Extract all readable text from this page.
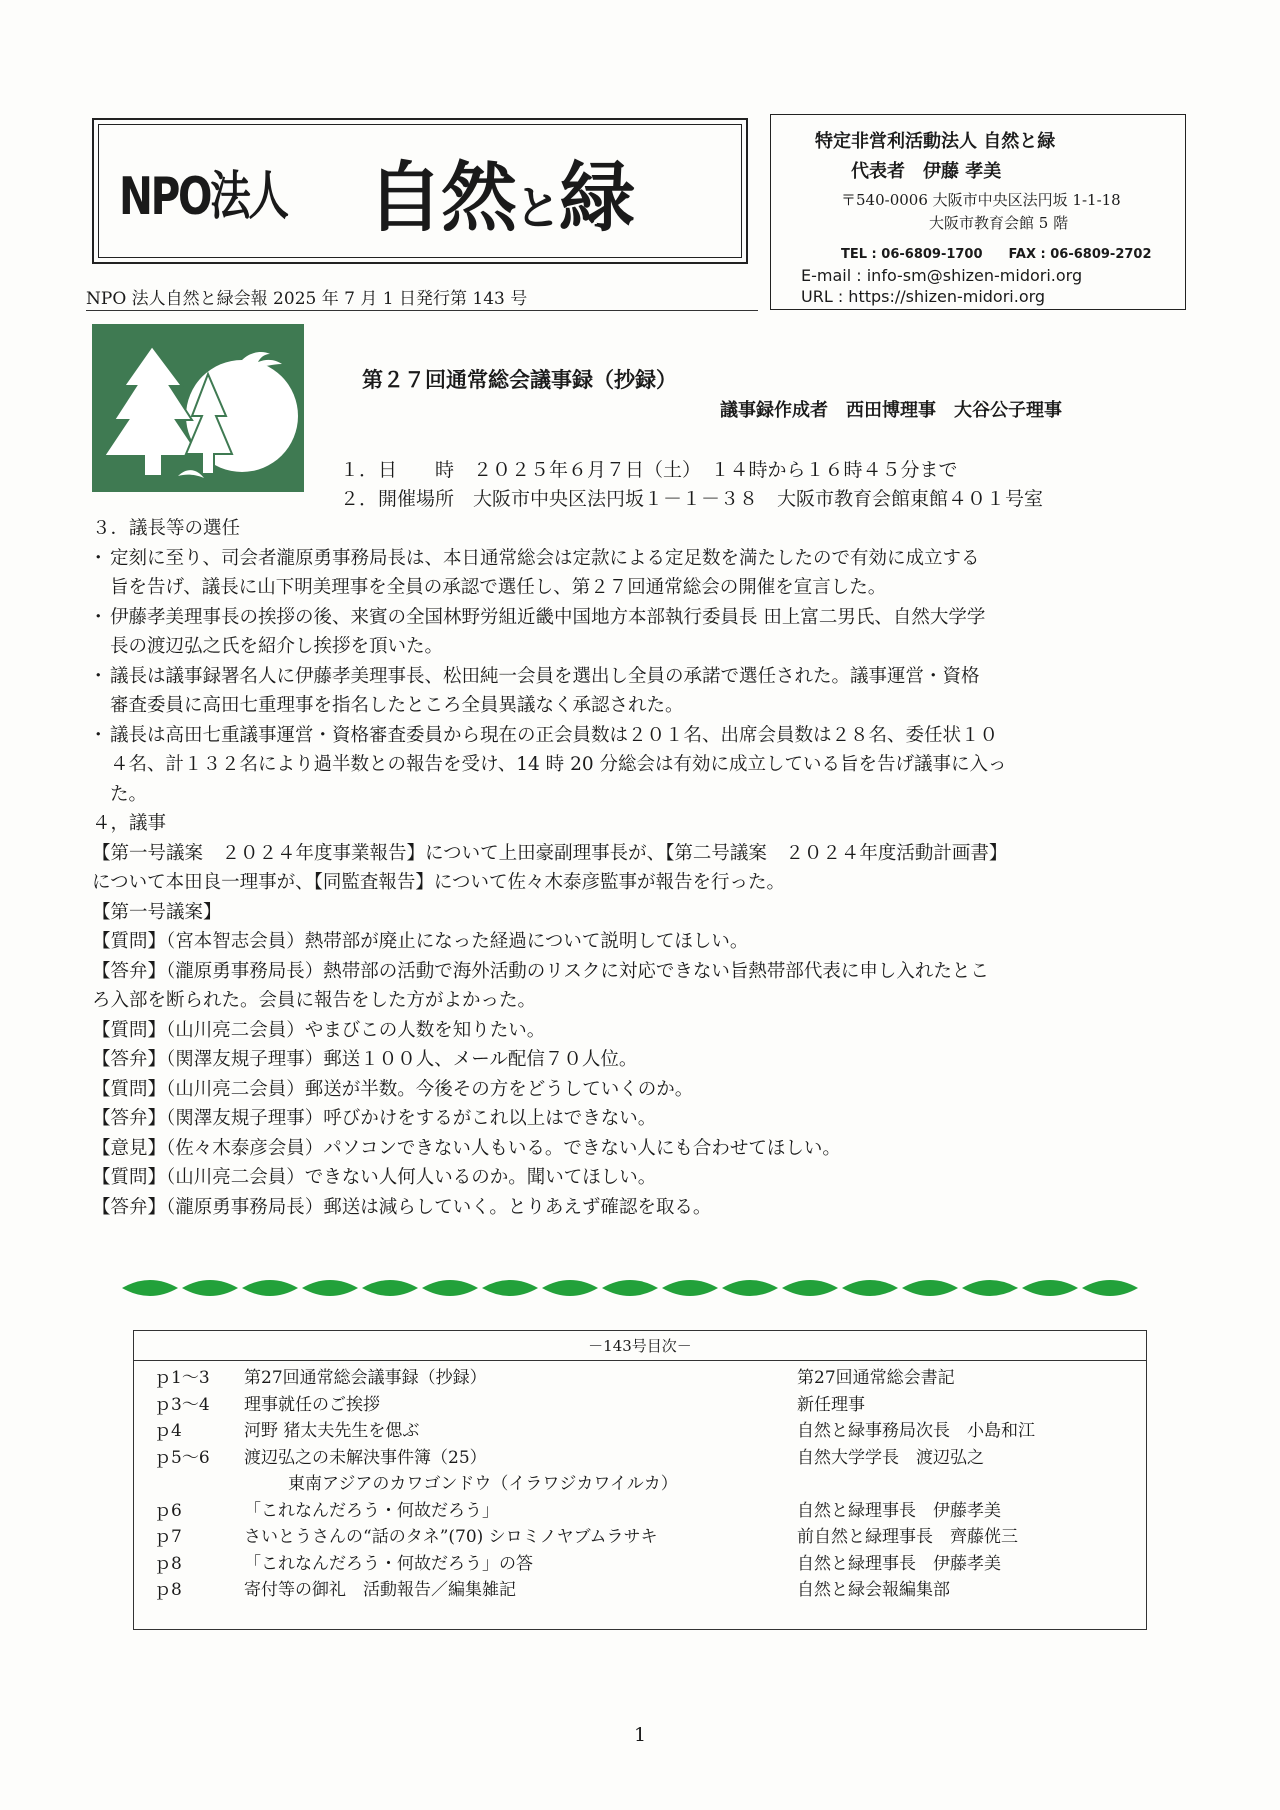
NPO法人	自然と緑
NPO 法人自然と緑会報 2025 年 7 月 1 日発行第 143 号
特定非営利活動法人 自然と緑
代表者　伊藤 孝美
〒540-0006 大阪市中央区法円坂 1-1-18
大阪市教育会館 5 階
TEL : 06-6809-1700　　FAX : 06-6809-2702
E-mail : info-sm@shizen-midori.org
URL : https://shizen-midori.org
第２７回通常総会議事録（抄録）
議事録作成者　西田博理事　大谷公子理事
１．日　　時　２０２５年６月７日（土）　１４時から１６時４５分まで
２．開催場所　大阪市中央区法円坂１－１－３８　大阪市教育会館東館４０１号室
３．議長等の選任
・ 定刻に至り、司会者瀧原勇事務局長は、本日通常総会は定款による定足数を満たしたので有効に成立する
旨を告げ、議長に山下明美理事を全員の承認で選任し、第２７回通常総会の開催を宣言した。
・ 伊藤孝美理事長の挨拶の後、来賓の全国林野労組近畿中国地方本部執行委員長 田上富二男氏、自然大学学
長の渡辺弘之氏を紹介し挨拶を頂いた。
・ 議長は議事録署名人に伊藤孝美理事長、松田純一会員を選出し全員の承諾で選任された。議事運営・資格
審査委員に高田七重理事を指名したところ全員異議なく承認された。
・ 議長は高田七重議事運営・資格審査委員から現在の正会員数は２０１名、出席会員数は２８名、委任状１０
４名、計１３２名により過半数との報告を受け、14 時 20 分総会は有効に成立している旨を告げ議事に入っ
た。
４，議事
【第一号議案　２０２４年度事業報告】について上田豪副理事長が、【第二号議案　２０２４年度活動計画書】
について本田良一理事が、【同監査報告】について佐々木泰彦監事が報告を行った。
【第一号議案】
【質問】（宮本智志会員）熱帯部が廃止になった経過について説明してほしい。
【答弁】（瀧原勇事務局長）熱帯部の活動で海外活動のリスクに対応できない旨熱帯部代表に申し入れたとこ
ろ入部を断られた。会員に報告をした方がよかった。
【質問】（山川亮二会員）やまびこの人数を知りたい。
【答弁】（関澤友規子理事）郵送１００人、メール配信７０人位。
【質問】（山川亮二会員）郵送が半数。今後その方をどうしていくのか。
【答弁】（関澤友規子理事）呼びかけをするがこれ以上はできない。
【意見】（佐々木泰彦会員）パソコンできない人もいる。できない人にも合わせてほしい。
【質問】（山川亮二会員）できない人何人いるのか。聞いてほしい。
【答弁】（瀧原勇事務局長）郵送は減らしていく。とりあえず確認を取る。
－143号目次－
ｐ1～3 第27回通常総会議事録（抄録）	第27回通常総会書記
ｐ3～4 理事就任のご挨拶	新任理事
ｐ4	河野 猪太夫先生を偲ぶ	自然と緑事務局次長　小島和江
ｐ5～6 渡辺弘之の未解決事件簿（25）	自然大学学長　渡辺弘之
東南アジアのカワゴンドウ（イラワジカワイルカ）
ｐ6	「これなんだろう・何故だろう」	自然と緑理事長　伊藤孝美
ｐ7	さいとうさんの“話のタネ”(70) シロミノヤブムラサキ	前自然と緑理事長　齊藤侊三
ｐ8	「これなんだろう・何故だろう」の答	自然と緑理事長　伊藤孝美
ｐ8	寄付等の御礼　活動報告／編集雑記	自然と緑会報編集部
1
